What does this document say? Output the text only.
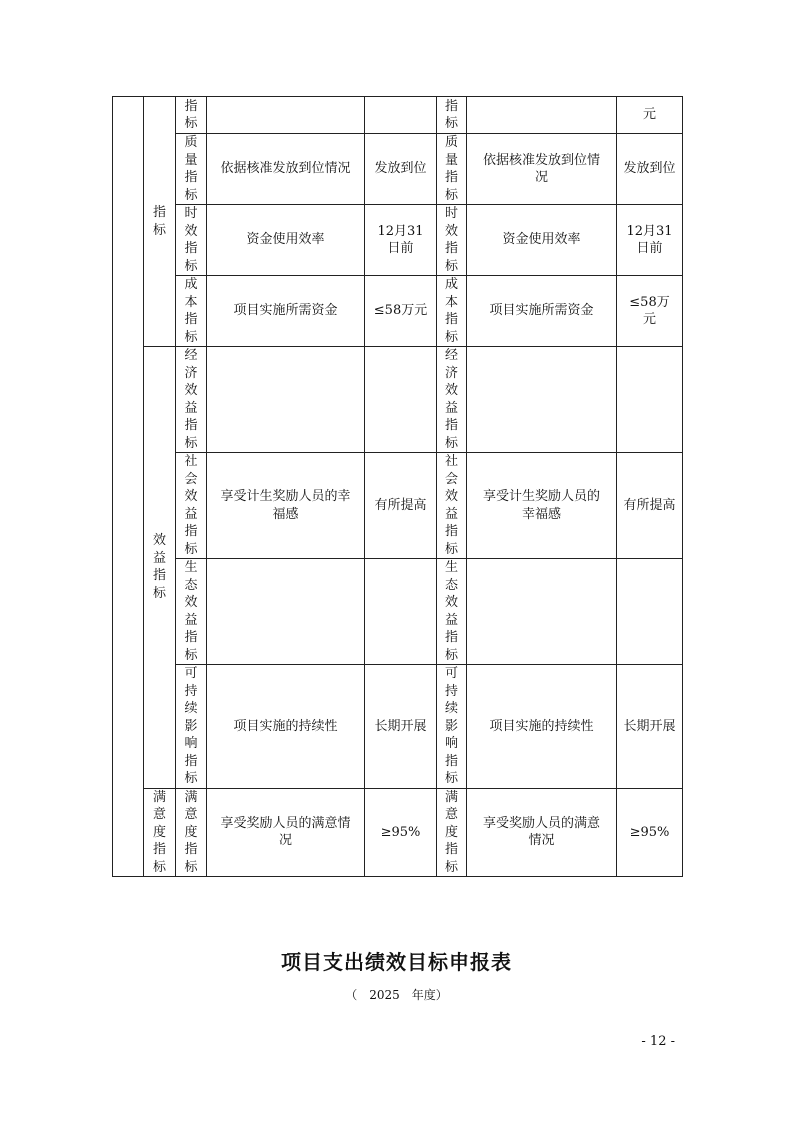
	指标	指标			指标		元

		质量指标	依据核准发放到位情况	发放到位	质量指标	依据核准发放到位情况	发放到位

		时效指标	资金使用效率	12月31日前	时效指标	资金使用效率	12月31日前

		成本指标	项目实施所需资金	≤58万元	成本指标	项目实施所需资金	≤58万元

	效益指标	经济效益指标			经济效益指标		

		社会效益指标	享受计生奖励人员的幸福感	有所提高	社会效益指标	享受计生奖励人员的幸福感	有所提高

		生态效益指标			生态效益指标		

		可持续影响指标	项目实施的持续性	长期开展	可持续影响指标	项目实施的持续性	长期开展

	满意度指标	满意度指标	享受奖励人员的满意情况	≥95%	满意度指标	享受奖励人员的满意情况	≥95%
项目支出绩效目标申报表
（　2025　年度）
- 12 -
